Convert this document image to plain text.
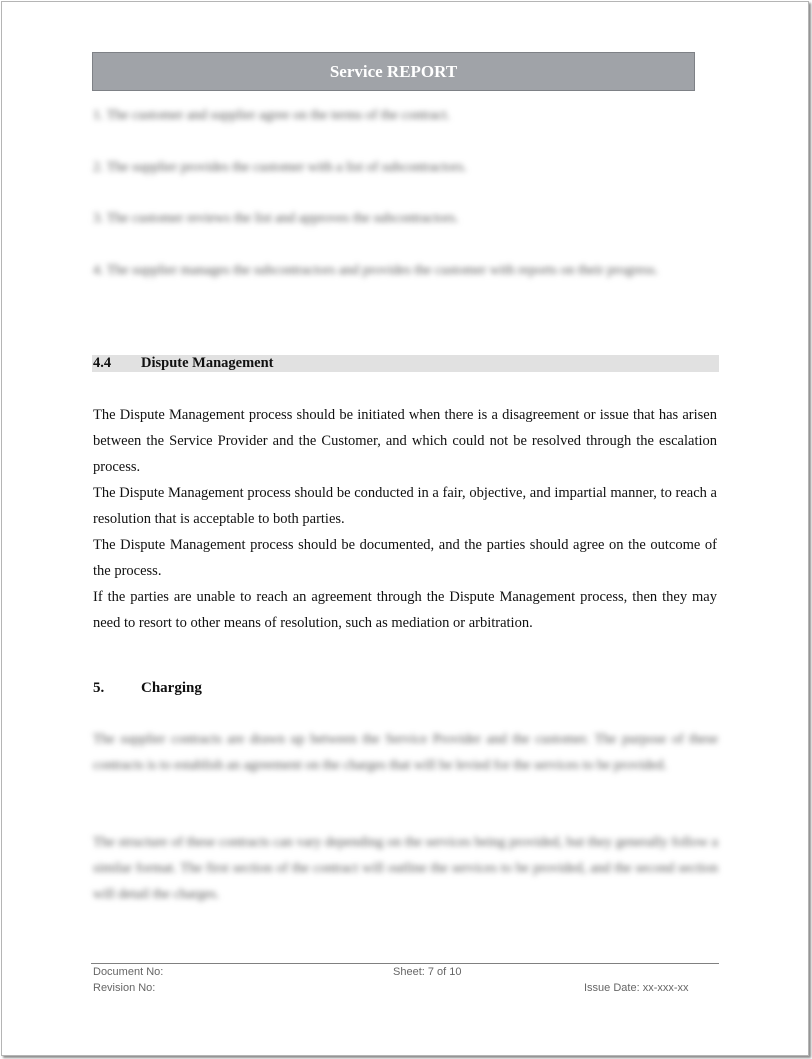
Service REPORT
1. The customer and supplier agree on the terms of the contract.
2. The supplier provides the customer with a list of subcontractors.
3. The customer reviews the list and approves the subcontractors.
4. The supplier manages the subcontractors and provides the customer with reports on their progress.
4.4 Dispute Management

The Dispute Management process should be initiated when there is a disagreement or issue that has arisen between the Service Provider and the Customer, and which could not be resolved through the escalation process.

The Dispute Management process should be conducted in a fair, objective, and impartial manner, to reach a resolution that is acceptable to both parties.

The Dispute Management process should be documented, and the parties should agree on the outcome of the process.

If the parties are unable to reach an agreement through the Dispute Management process, then they may need to resort to other means of resolution, such as mediation or arbitration.

5. Charging
The supplier contracts are drawn up between the Service Provider and the customer. The purpose of these contracts is to establish an agreement on the charges that will be levied for the services to be provided.
The structure of these contracts can vary depending on the services being provided, but they generally follow a similar format. The first section of the contract will outline the services to be provided, and the second section will detail the charges.
Document No:
Revision No:
Sheet: 7 of 10
Issue Date: xx-xxx-xx
